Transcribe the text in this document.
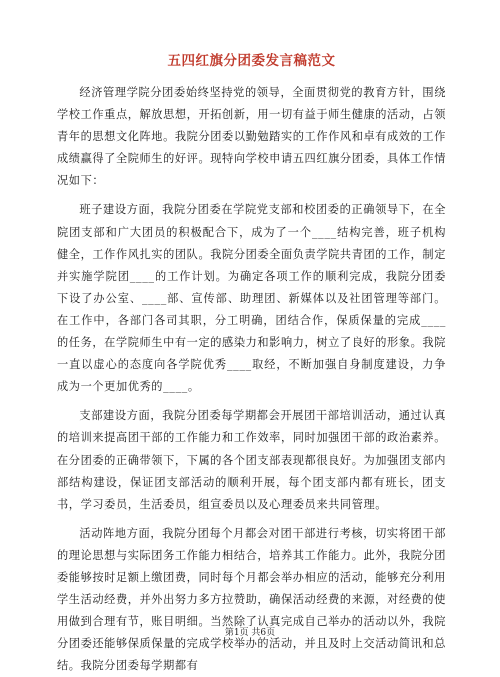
五四红旗分团委发言稿范文

经济管理学院分团委始终坚持党的领导，全面贯彻党的教育方针，围绕学校工作重点，解放思想，开拓创新，用一切有益于师生健康的活动，占领青年的思想文化阵地。我院分团委以勤勉踏实的工作作风和卓有成效的工作成绩赢得了全院师生的好评。现特向学校申请五四红旗分团委，具体工作情况如下：

班子建设方面，我院分团委在学院党支部和校团委的正确领导下，在全院团支部和广大团员的积极配合下，成为了一个____结构完善，班子机构健全，工作作风扎实的团队。我院分团委全面负责学院共青团的工作，制定并实施学院团____的工作计划。为确定各项工作的顺利完成，我院分团委下设了办公室、____部、宣传部、助理团、新媒体以及社团管理等部门。在工作中，各部门各司其职，分工明确，团结合作，保质保量的完成____的任务，在学院师生中有一定的感染力和影响力，树立了良好的形象。我院一直以虚心的态度向各学院优秀____取经，不断加强自身制度建设，力争成为一个更加优秀的____。

支部建设方面，我院分团委每学期都会开展团干部培训活动，通过认真的培训来提高团干部的工作能力和工作效率，同时加强团干部的政治素养。在分团委的正确带领下，下属的各个团支部表现都很良好。为加强团支部内部结构建设，保证团支部活动的顺利开展，每个团支部内都有班长，团支书，学习委员，生活委员，组宣委员以及心理委员来共同管理。

活动阵地方面，我院分团每个月都会对团干部进行考核，切实将团干部的理论思想与实际团务工作能力相结合，培养其工作能力。此外，我院分团委能够按时足额上缴团费，同时每个月都会举办相应的活动，能够充分利用学生活动经费，并外出努力多方拉赞助，确保活动经费的来源，对经费的使用做到合理有节，账目明细。当然除了认真完成自己举办的活动以外，我院分团委还能够保质保量的完成学校举办的活动，并且及时上交活动简讯和总结。我院分团委每学期都有

第1页 共6页
